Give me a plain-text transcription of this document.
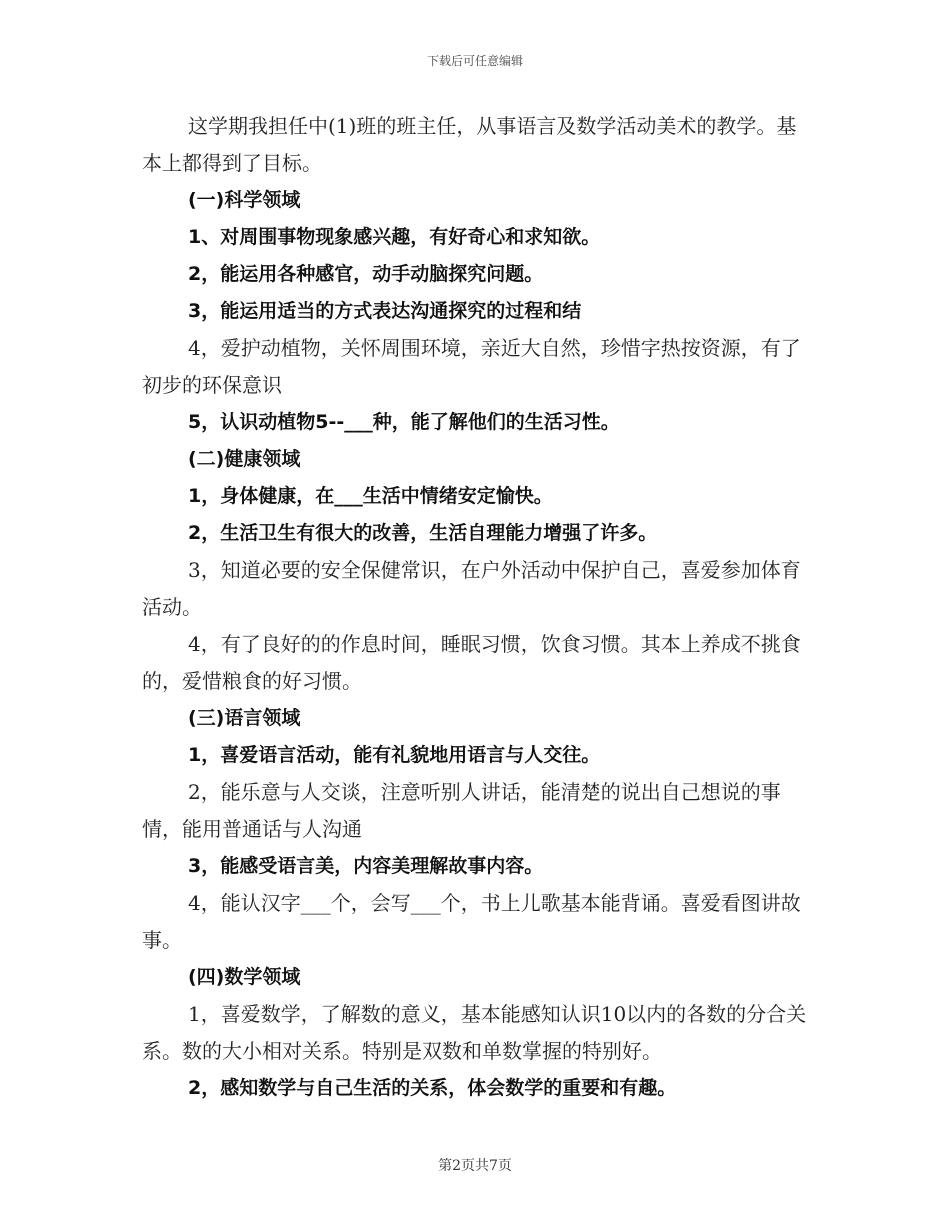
下载后可任意编辑

这学期我担任中(1)班的班主任，从事语言及数学活动美术的教学。基本上都得到了目标。

(一)科学领域

1、对周围事物现象感兴趣，有好奇心和求知欲。

2，能运用各种感官，动手动脑探究问题。

3，能运用适当的方式表达沟通探究的过程和结

4，爱护动植物，关怀周围环境，亲近大自然，珍惜字热按资源，有了初步的环保意识

5，认识动植物5--___种，能了解他们的生活习性。

(二)健康领域

1，身体健康，在___生活中情绪安定愉快。

2，生活卫生有很大的改善，生活自理能力增强了许多。

3，知道必要的安全保健常识，在户外活动中保护自己，喜爱参加体育活动。

4，有了良好的的作息时间，睡眠习惯，饮食习惯。其本上养成不挑食的，爱惜粮食的好习惯。

(三)语言领域

1，喜爱语言活动，能有礼貌地用语言与人交往。

2，能乐意与人交谈，注意听别人讲话，能清楚的说出自己想说的事情，能用普通话与人沟通

3，能感受语言美，内容美理解故事内容。

4，能认汉字___个，会写___个，书上儿歌基本能背诵。喜爱看图讲故事。

(四)数学领域

1，喜爱数学，了解数的意义，基本能感知认识10以内的各数的分合关系。数的大小相对关系。特别是双数和单数掌握的特别好。

2，感知数学与自己生活的关系，体会数学的重要和有趣。

第2页共7页
